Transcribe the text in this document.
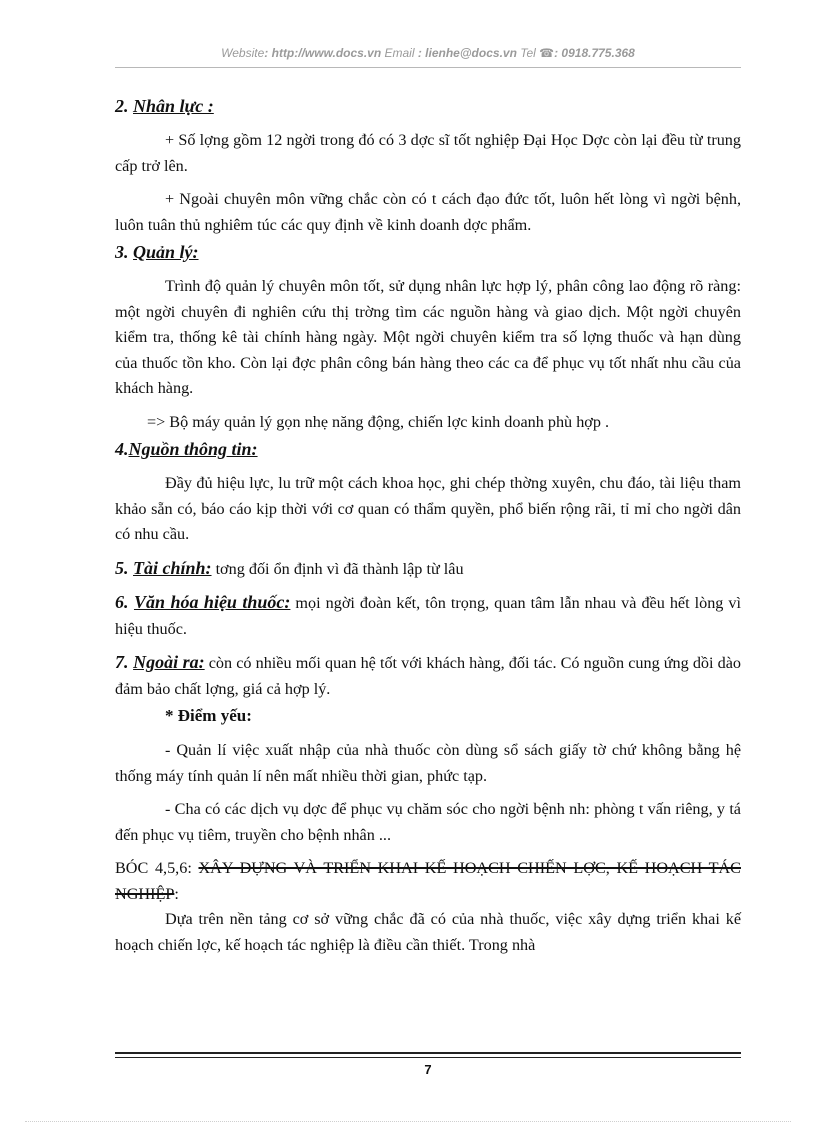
Website: http://www.docs.vn Email : lienhe@docs.vn Tel ☎: 0918.775.368

2. Nhân lực :

+ Số lợng gồm 12 ngời trong đó có 3 dợc sĩ tốt nghiệp Đại Học Dợc còn lại đều từ trung cấp trở lên.

+ Ngoài chuyên môn vững chắc còn có t cách đạo đức tốt, luôn hết lòng vì ngời bệnh, luôn tuân thủ nghiêm túc các quy định về kinh doanh dợc phẩm.

3. Quản lý:

Trình độ quản lý chuyên môn tốt, sử dụng nhân lực hợp lý, phân công lao động rõ ràng: một ngời chuyên đi nghiên cứu thị trờng tìm các nguồn hàng và giao dịch. Một ngời chuyên kiểm tra, thống kê tài chính hàng ngày. Một ngời chuyên kiểm tra số lợng thuốc và hạn dùng của thuốc tồn kho. Còn lại đợc phân công bán hàng theo các ca để phục vụ tốt nhất nhu cầu của khách hàng.

=> Bộ máy quản lý gọn nhẹ năng động, chiến lợc kinh doanh phù hợp .

4.Nguồn thông tin:

Đầy đủ hiệu lực, lu trữ một cách khoa học, ghi chép thờng xuyên, chu đáo, tài liệu tham khảo sẵn có, báo cáo kịp thời với cơ quan có thẩm quyền, phổ biến rộng rãi, tỉ mỉ cho ngời dân có nhu cầu.

5. Tài chính: tơng đối ổn định vì đã thành lập từ lâu

6. Văn hóa hiệu thuốc: mọi ngời đoàn kết, tôn trọng, quan tâm lẫn nhau và đều hết lòng vì hiệu thuốc.

7. Ngoài ra: còn có nhiều mối quan hệ tốt với khách hàng, đối tác. Có nguồn cung ứng dồi dào đảm bảo chất lợng, giá cả hợp lý.

* Điểm yếu:

- Quản lí việc xuất nhập của nhà thuốc còn dùng sổ sách giấy tờ chứ không bằng hệ thống máy tính quản lí nên mất nhiều thời gian, phức tạp.

- Cha có các dịch vụ dợc để phục vụ chăm sóc cho ngời bệnh nh: phòng t vấn riêng, y tá đến phục vụ tiêm, truyền cho bệnh nhân ...

BÓC 4,5,6: XÂY DỰNG VÀ TRIỂN KHAI KẾ HOẠCH CHIẾN LỢC, KẾ HOẠCH TÁC NGHIỆP:

Dựa trên nền tảng cơ sở vững chắc đã có của nhà thuốc, việc xây dựng triển khai kế hoạch chiến lợc, kế hoạch tác nghiệp là điều cần thiết. Trong nhà

7
